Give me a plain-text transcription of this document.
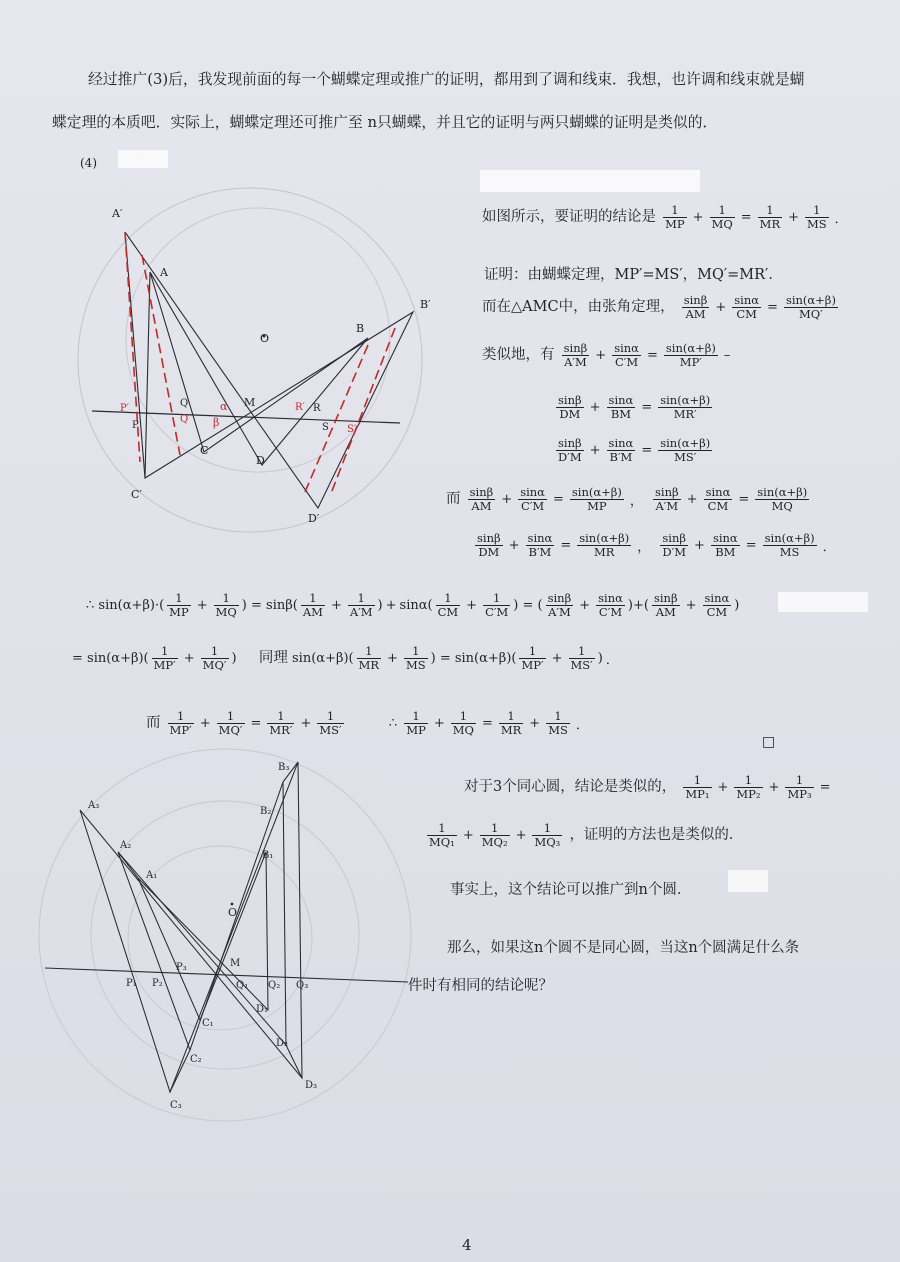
经过推广(3)后，我发现前面的每一个蝴蝶定理或推广的证明，都用到了调和线束．我想，也许调和线束就是蝴
蝶定理的本质吧．实际上，蝴蝶定理还可推广至 n只蝴蝶，并且它的证明与两只蝴蝶的证明是类似的．
(4)
A′
A
B′
B
O
M
P
P′	Q
Q′
R′ R
S S′
α
β
C
D
C′
D′
如图所示，要证明的结论是 $\frac{1}{MP} + \frac{1}{MQ} = \frac{1}{MR} + \frac{1}{MS}$ ．
证明：由蝴蝶定理，MP′=MS′，MQ′=MR′．
而在△AMC中，由张角定理， $\frac{\sin\beta}{AM} + \frac{\sin\alpha}{CM} = \frac{\sin(\alpha+\beta)}{MQ'}$
类似地，有 $\frac{\sin\beta}{A'M} + \frac{\sin\alpha}{C'M} = \frac{\sin(\alpha+\beta)}{MP'}$ –
$\frac{\sin\beta}{DM} + \frac{\sin\alpha}{BM} = \frac{\sin(\alpha+\beta)}{MR'}$
$\frac{\sin\beta}{D'M} + \frac{\sin\alpha}{B'M} = \frac{\sin(\alpha+\beta)}{MS'}$
而 $\frac{\sin\beta}{AM} + \frac{\sin\alpha}{C'M} = \frac{\sin(\alpha+\beta)}{MP}$ ， $\frac{\sin\beta}{A'M} + \frac{\sin\alpha}{CM} = \frac{\sin(\alpha+\beta)}{MQ}$
$\frac{\sin\beta}{DM} + \frac{\sin\alpha}{B'M} = \frac{\sin(\alpha+\beta)}{MR}$ ， $\frac{\sin\beta}{D'M} + \frac{\sin\alpha}{BM} = \frac{\sin(\alpha+\beta)}{MS}$ ．
∴ $\sin(\alpha+\beta)\cdot( \frac{1}{MP} + \frac{1}{MQ}$ ) = $\sin\beta( \frac{1}{AM} + \frac{1}{A'M}$ ) + $\sin\alpha( \frac{1}{CM} + \frac{1}{C'M}$ ) = ( $\frac{\sin\beta}{A'M} + \frac{\sin\alpha}{C'M}$ )+( $\frac{\sin\beta}{AM} + \frac{\sin\alpha}{CM}$ )
= $\sin(\alpha+\beta)( \frac{1}{MP'} + \frac{1}{MQ'}$ ) 同理 $\sin(\alpha+\beta)( \frac{1}{MR} + \frac{1}{MS}$ ) = $\sin(\alpha+\beta)( \frac{1}{MP'} + \frac{1}{MS'}$ ) ．
而 $\frac{1}{MP'} + \frac{1}{MQ'} = \frac{1}{MR'} + \frac{1}{MS'}$	∴ $\frac{1}{MP} + \frac{1}{MQ} = \frac{1}{MR} + \frac{1}{MS}$ ．
□
A₃
A₂
A₁
B₃
B₂
B₁
O
M
P₁ P₂
P₃
Q₁ Q₂ Q₃
C₁
C₂
C₃
D₁
D₂
D₃
对于3个同心圆，结论是类似的， $\frac{1}{\text{MP₁}} + \frac{1}{\text{MP₂}} + \frac{1}{\text{MP₃}}$ =
$\frac{1}{\text{MQ₁}} + \frac{1}{\text{MQ₂}} + \frac{1}{\text{MQ₃}}$ ，证明的方法也是类似的．
事实上，这个结论可以推广到n个圆．
那么，如果这n个圆不是同心圆，当这n个圆满足什么条
件时有相同的结论呢？
4
